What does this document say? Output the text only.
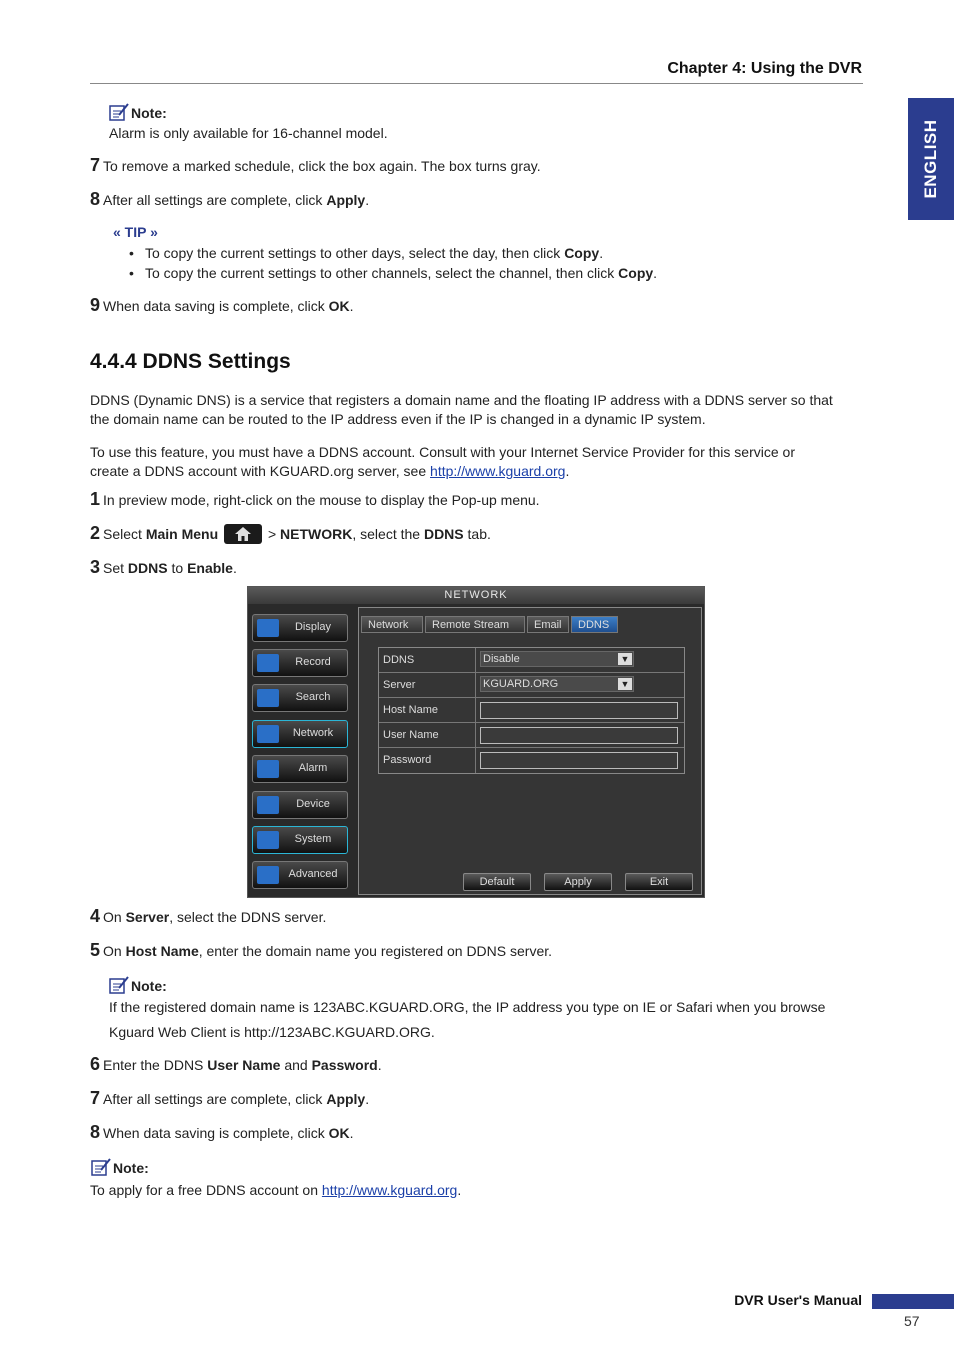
Chapter 4: Using the DVR
ENGLISH
Note:
Alarm is only available for 16-channel model.
7 To remove a marked schedule, click the box again. The box turns gray.
8 After all settings are complete, click Apply.
« TIP »
• To copy the current settings to other days, select the day, then click Copy.
• To copy the current settings to other channels, select the channel, then click Copy.
9 When data saving is complete, click OK.
4.4.4 DDNS Settings
DDNS (Dynamic DNS) is a service that registers a domain name and the floating IP address with a DDNS server so that
the domain name can be routed to the IP address even if the IP is changed in a dynamic IP system.
To use this feature, you must have a DDNS account. Consult with your Internet Service Provider for this service or
create a DDNS account with KGUARD.org server, see http://www.kguard.org.
1 In preview mode, right-click on the mouse to display the Pop-up menu.
2 Select Main Menu	> NETWORK, select the DDNS tab.
3 Set DDNS to Enable.
NETWORK
Display
Record
Search
Network
Alarm
Device
System
Advanced
Network	Remote Stream	Email	DDNS
DDNS	Disable	▼
Server	KGUARD.ORG	▼
Host Name
User Name
Password
Default	Apply	Exit
4 On Server, select the DDNS server.
5 On Host Name, enter the domain name you registered on DDNS server.
Note:
If the registered domain name is 123ABC.KGUARD.ORG, the IP address you type on IE or Safari when you browse
Kguard Web Client is http://123ABC.KGUARD.ORG.
6 Enter the DDNS User Name and Password.
7 After all settings are complete, click Apply.
8 When data saving is complete, click OK.
Note:
To apply for a free DDNS account on http://www.kguard.org.
DVR User's Manual
57
